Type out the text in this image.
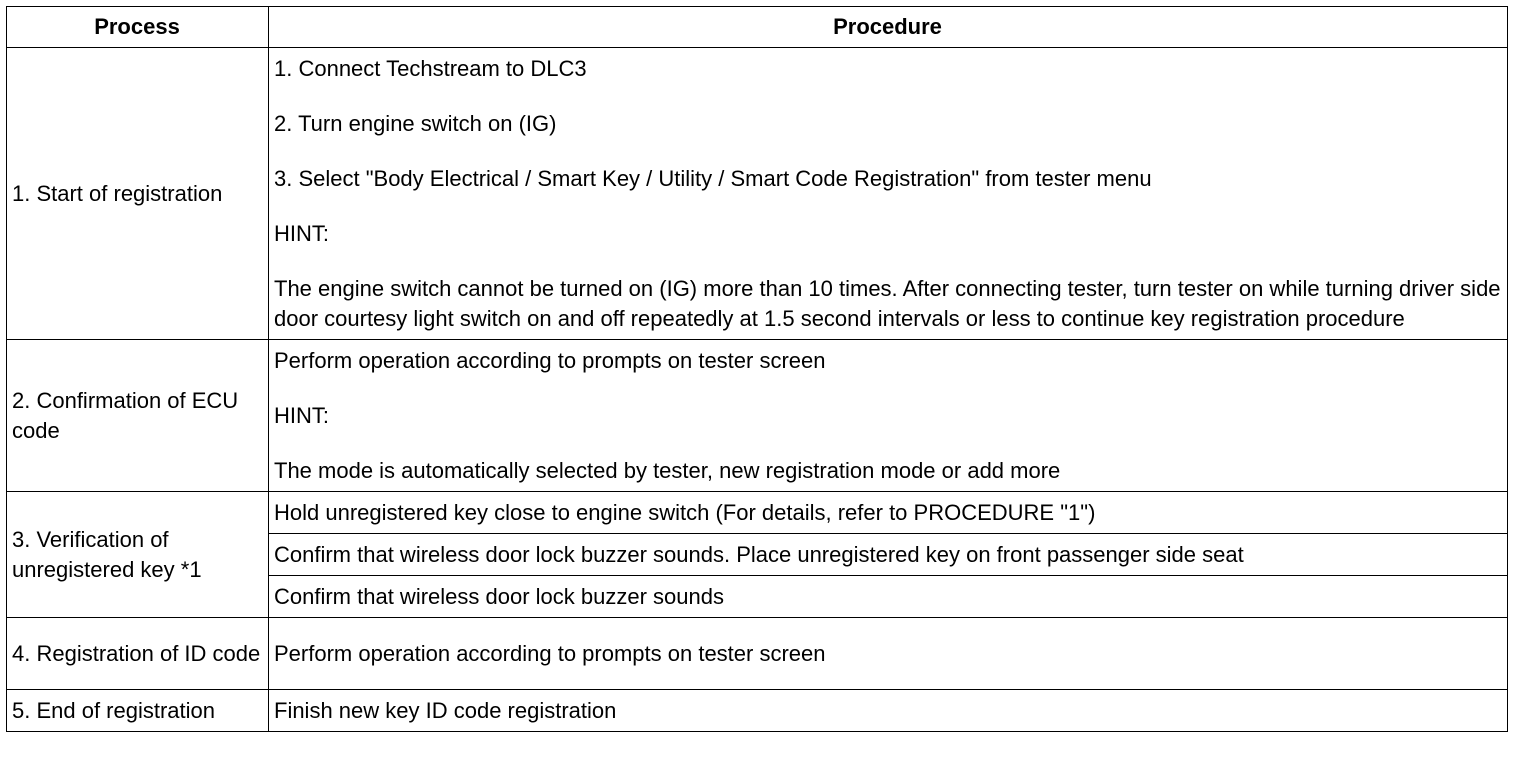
Process	Procedure
1. Start of registration	1. Connect Techstream to DLC3

2. Turn engine switch on (IG)

3. Select "Body Electrical / Smart Key / Utility / Smart Code Registration" from tester menu

HINT:

The engine switch cannot be turned on (IG) more than 10 times. After connecting tester, turn tester on while turning driver side door courtesy light switch on and off repeatedly at 1.5 second intervals or less to continue key registration procedure

2. Confirmation of ECU code	Perform operation according to prompts on tester screen

HINT:

The mode is automatically selected by tester, new registration mode or add more

3. Verification of unregistered key *1	Hold unregistered key close to engine switch (For details, refer to PROCEDURE "1")
	Confirm that wireless door lock buzzer sounds. Place unregistered key on front passenger side seat
	Confirm that wireless door lock buzzer sounds
4. Registration of ID code	Perform operation according to prompts on tester screen
5. End of registration	Finish new key ID code registration
